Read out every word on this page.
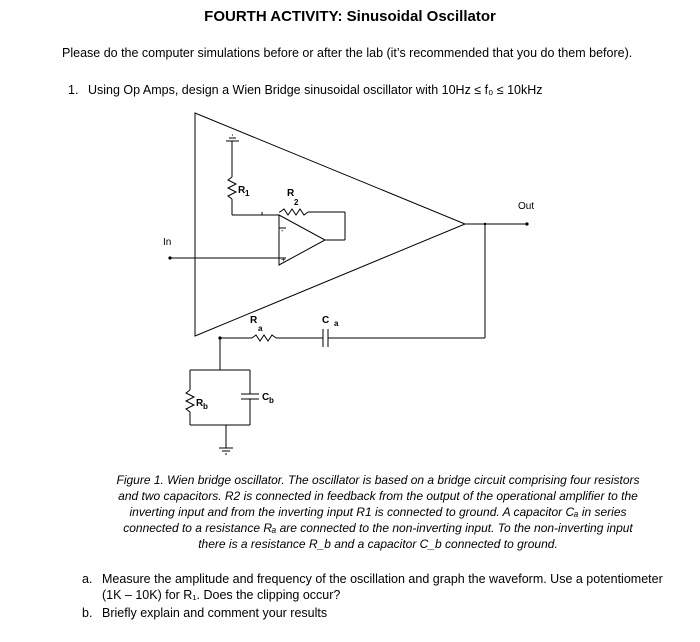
FOURTH ACTIVITY: Sinusoidal Oscillator
Please do the computer simulations before or after the lab (it’s recommended that you do them before).
1. Using Op Amps, design a Wien Bridge sinusoidal oscillator with 10Hz ≤ f₀ ≤ 10kHz
In
Out
R 1	R
2
R
a
C a
R b
C b
-
+
Figure 1. Wien bridge oscillator. The oscillator is based on a bridge circuit comprising four resistors and two capacitors. R2 is connected in feedback from the output of the operational amplifier to the inverting input and from the inverting input R1 is connected to ground. A capacitor Cₐ in series connected to a resistance Rₐ are connected to the non-inverting input. To the non-inverting input there is a resistance R_b and a capacitor C_b connected to ground.
a. Measure the amplitude and frequency of the oscillation and graph the waveform. Use a potentiometer (1K – 10K) for R₁. Does the clipping occur?
b. Briefly explain and comment your results
